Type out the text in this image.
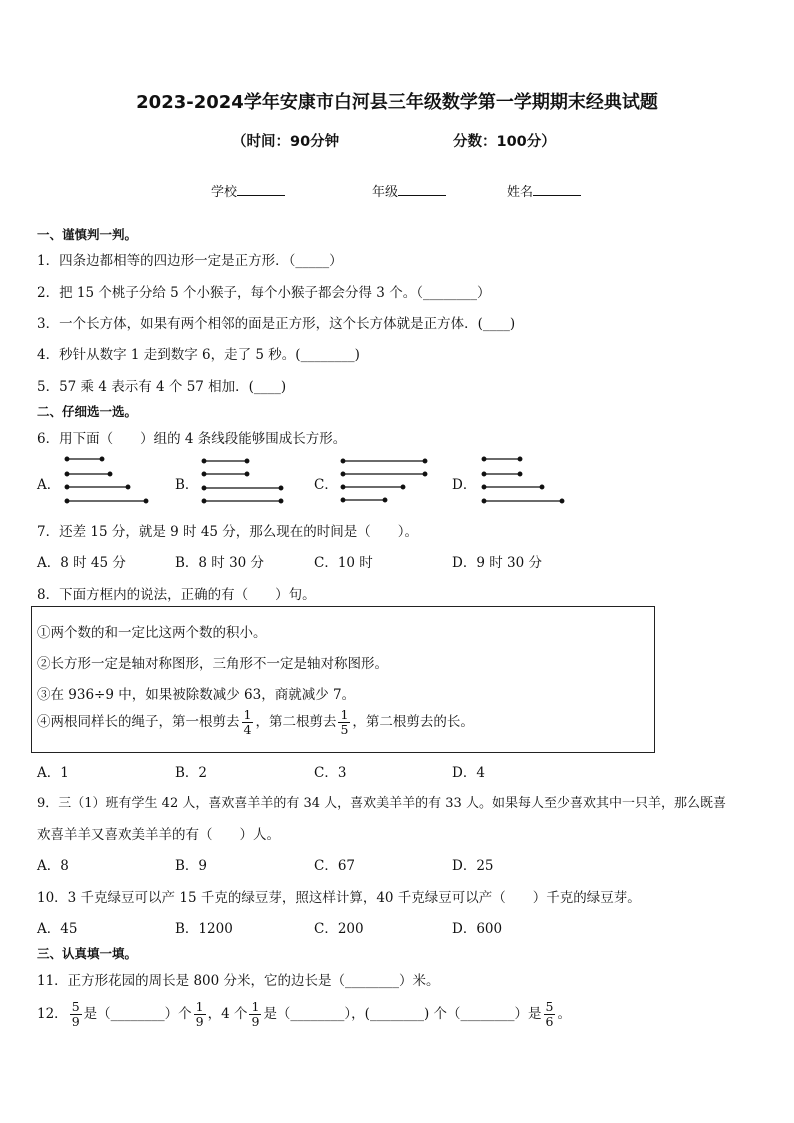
2023-2024学年安康市白河县三年级数学第一学期期末经典试题
（时间：90分钟	分数：100分）
学校	年级	姓名
一、谨慎判一判。
1．四条边都相等的四边形一定是正方形．（_____）
2．把 15 个桃子分给 5 个小猴子，每个小猴子都会分得 3 个。（________）
3．一个长方体，如果有两个相邻的面是正方形，这个长方体就是正方体．(____)
4．秒针从数字 1 走到数字 6，走了 5 秒。(________)
5．57 乘 4 表示有 4 个 57 相加．(____)
二、仔细选一选。
6．用下面（　　）组的 4 条线段能够围成长方形。
A．	B．	C．	D．
7．还差 15 分，就是 9 时 45 分，那么现在的时间是（　　）。
A．8 时 45 分	B．8 时 30 分	C．10 时	D．9 时 30 分
8．下面方框内的说法，正确的有（　　）句。
①两个数的和一定比这两个数的积小。
②长方形一定是轴对称图形，三角形不一定是轴对称图形。
③在 936÷9 中，如果被除数减少 63，商就减少 7。
④两根同样长的绳子，第一根剪去 $\frac{1}{4}$ ，第二根剪去 $\frac{1}{5}$ ，第二根剪去的长。
A．1	B．2	C．3	D．4
9．三（1）班有学生 42 人，喜欢喜羊羊的有 34 人，喜欢美羊羊的有 33 人。如果每人至少喜欢其中一只羊，那么既喜
欢喜羊羊又喜欢美羊羊的有（　　）人。
A．8	B．9	C．67	D．25
10．3 千克绿豆可以产 15 千克的绿豆芽，照这样计算，40 千克绿豆可以产（　　）千克的绿豆芽。
A．45	B．1200	C．200	D．600
三、认真填一填。
11．正方形花园的周长是 800 分米，它的边长是（________）米。
12． $\frac{5}{9}$ 是（________）个 $\frac{1}{9}$ ，4 个 $\frac{1}{9}$ 是（________），(________) 个（________）是 $\frac{5}{6}$ 。
